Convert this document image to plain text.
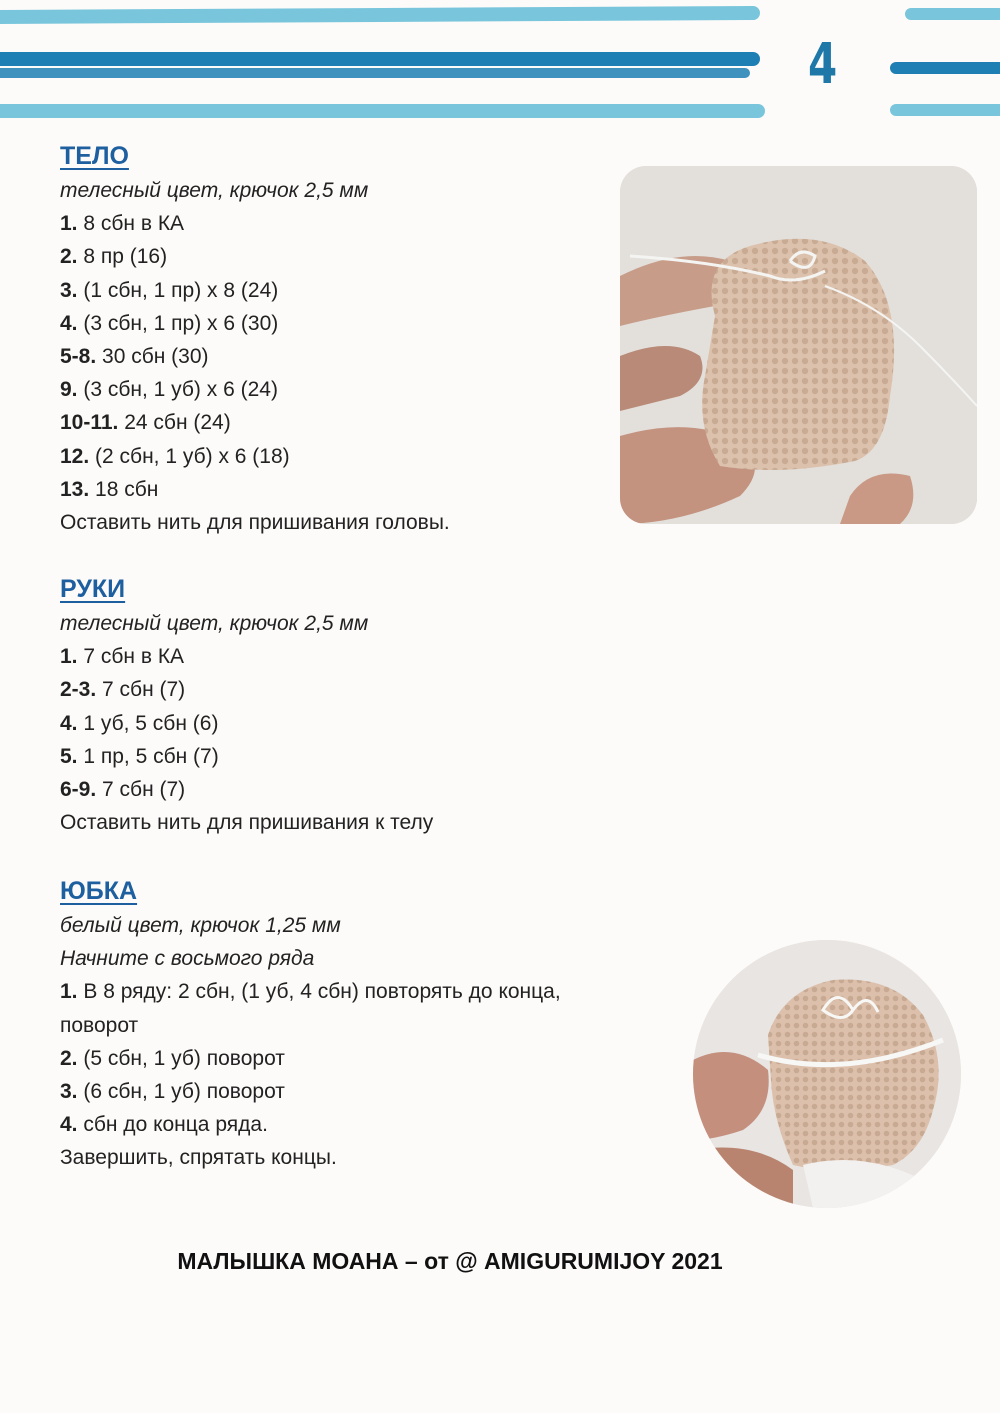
4
ТЕЛО
телесный цвет, крючок 2,5 мм
1. 8 сбн в КА
2. 8 пр (16)
3. (1 сбн, 1 пр) х 8 (24)
4. (3 сбн, 1 пр) х 6 (30)
5-8. 30 сбн (30)
9. (3 сбн, 1 уб) х 6 (24)
10-11. 24 сбн (24)
12. (2 сбн, 1 уб) х 6 (18)
13. 18 сбн
Оставить нить для пришивания головы.
РУКИ
телесный цвет, крючок 2,5 мм
1. 7 сбн в КА
2-3. 7 сбн (7)
4. 1 уб, 5 сбн (6)
5. 1 пр, 5 сбн (7)
6-9. 7 сбн (7)
Оставить нить для пришивания к телу
ЮБКА
белый цвет, крючок 1,25 мм
Начните с восьмого ряда
1. В 8 ряду: 2 сбн, (1 уб, 4 сбн) повторять до конца,
поворот
2. (5 сбн, 1 уб) поворот
3. (6 сбн, 1 уб) поворот
4. сбн до конца ряда.
Завершить, спрятать концы.
МАЛЫШКА МОАНА – от @ AMIGURUMIJOY 2021
